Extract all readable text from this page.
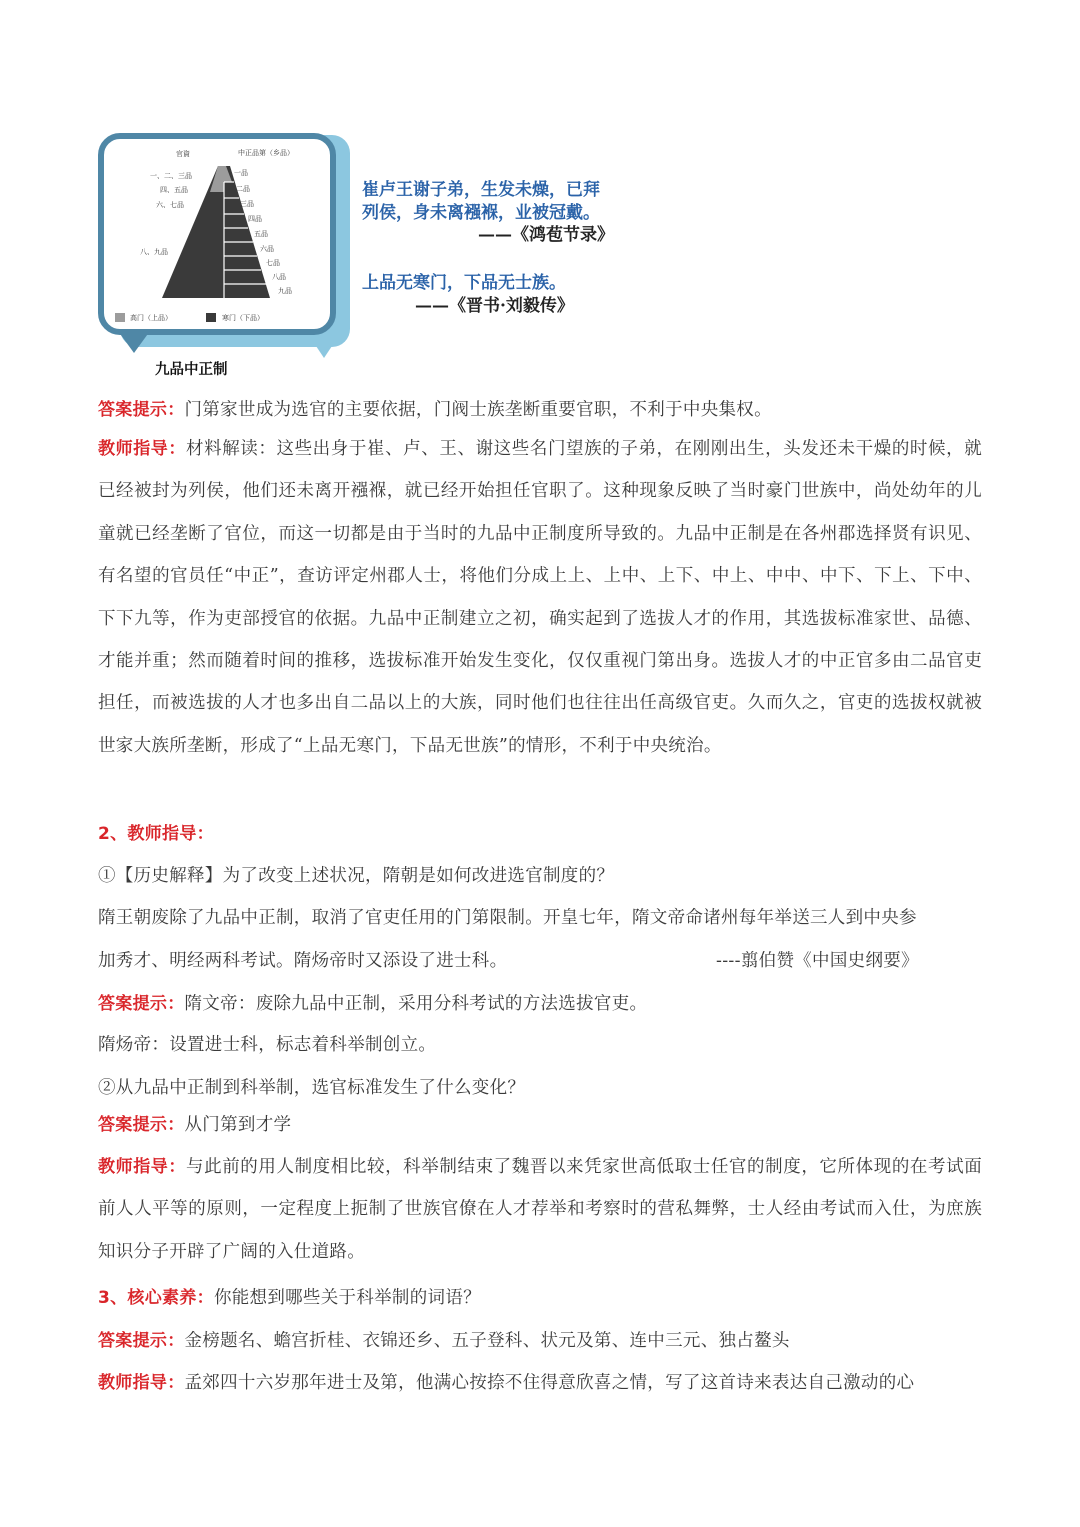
官資	中正品第（乡品）
一、二、三品
四、五品
六、七品
八、九品
一品
二品
三品
四品
五品
六品
七品
八品
九品
高门（上品）	寒门（下品）
九品中正制
崔卢王谢子弟，生发未燥，已拜
列侯，身未离襁褓，业被冠戴。
——《鸿苞节录》
上品无寒门，下品无士族。
——《晋书·刘毅传》
答案提示：门第家世成为选官的主要依据，门阀士族垄断重要官职，不利于中央集权。

教师指导：材料解读：这些出身于崔、卢、王、谢这些名门望族的子弟，在刚刚出生，头发还未干燥的时候，就已经被封为列侯，他们还未离开襁褓，就已经开始担任官职了。这种现象反映了当时豪门世族中，尚处幼年的儿童就已经垄断了官位，而这一切都是由于当时的九品中正制度所导致的。九品中正制是在各州郡选择贤有识见、有名望的官员任“中正”，查访评定州郡人士，将他们分成上上、上中、上下、中上、中中、中下、下上、下中、下下九等，作为吏部授官的依据。九品中正制建立之初，确实起到了选拔人才的作用，其选拔标准家世、品德、才能并重；然而随着时间的推移，选拔标准开始发生变化，仅仅重视门第出身。选拔人才的中正官多由二品官吏担任，而被选拔的人才也多出自二品以上的大族，同时他们也往往出任高级官吏。久而久之，官吏的选拔权就被世家大族所垄断，形成了“上品无寒门，下品无世族”的情形，不利于中央统治。

2、教师指导：
①【历史解释】为了改变上述状况，隋朝是如何改进选官制度的？
隋王朝废除了九品中正制，取消了官吏任用的门第限制。开皇七年，隋文帝命诸州每年举送三人到中央参
加秀才、明经两科考试。隋炀帝时又添设了进士科。	----翦伯赞《中国史纲要》
答案提示：隋文帝：废除九品中正制，采用分科考试的方法选拔官吏。
隋炀帝：设置进士科，标志着科举制创立。
②从九品中正制到科举制，选官标准发生了什么变化？
答案提示：从门第到才学

教师指导：与此前的用人制度相比较，科举制结束了魏晋以来凭家世高低取士任官的制度，它所体现的在考试面前人人平等的原则，一定程度上扼制了世族官僚在人才荐举和考察时的营私舞弊，士人经由考试而入仕，为庶族知识分子开辟了广阔的入仕道路。

3、核心素养：你能想到哪些关于科举制的词语？
答案提示：金榜题名、蟾宫折桂、衣锦还乡、五子登科、状元及第、连中三元、独占鳌头
教师指导：孟郊四十六岁那年进士及第，他满心按捺不住得意欣喜之情，写了这首诗来表达自己激动的心
